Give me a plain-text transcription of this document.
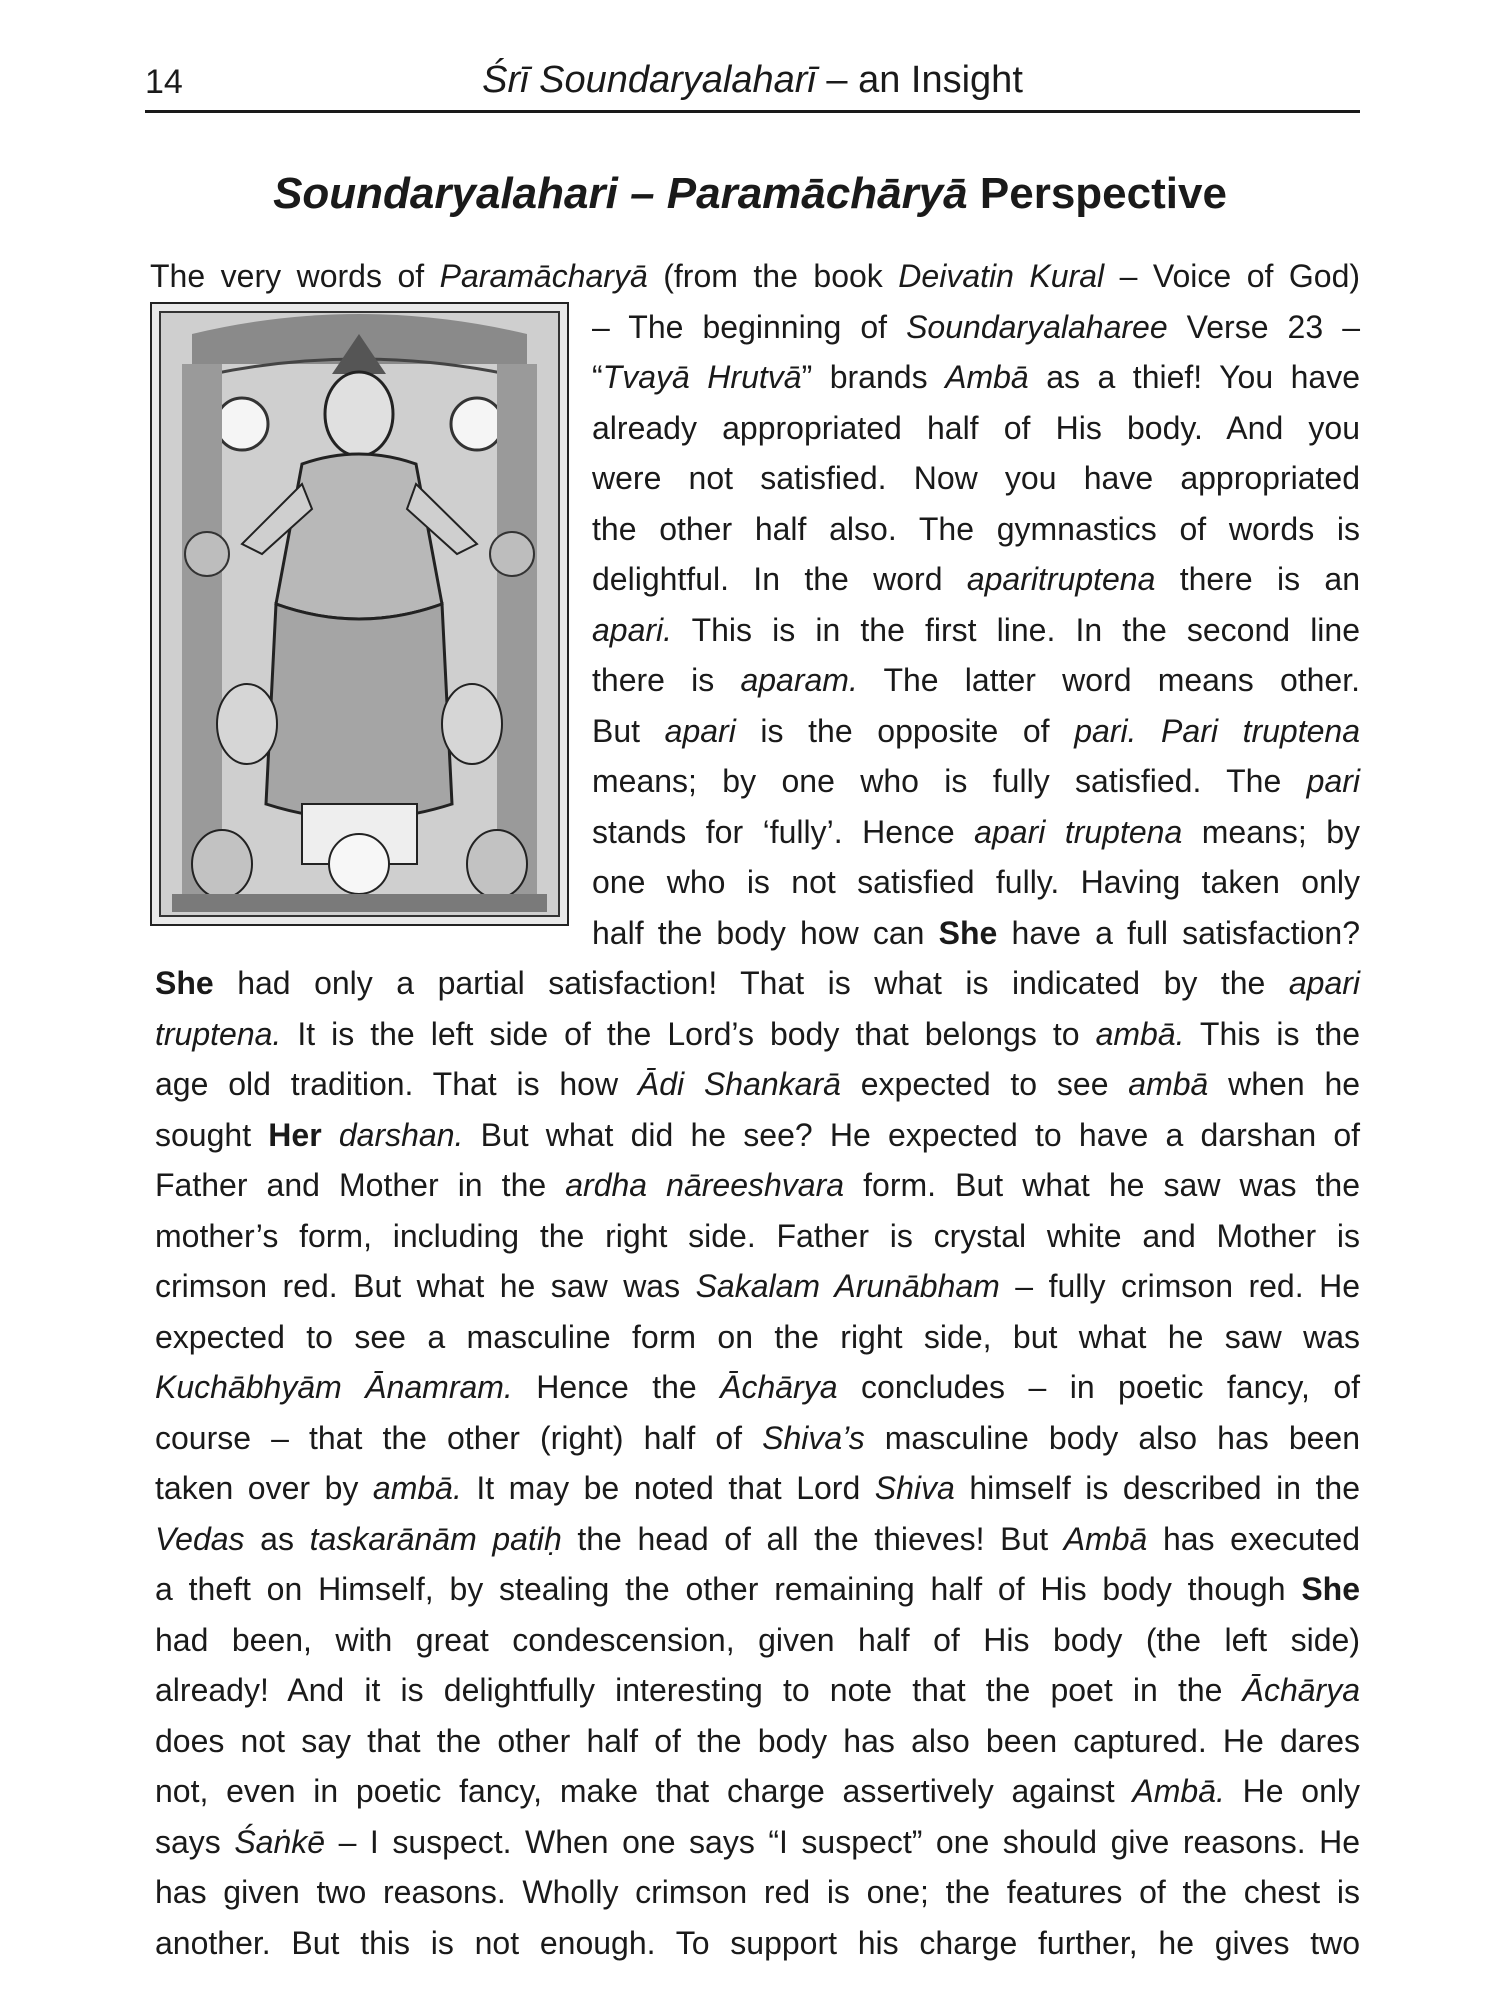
14	Śrī Soundaryalaharī – an Insight
Soundaryalahari – Paramāchāryā Perspective
The very words of Paramācharyā (from the book Deivatin Kural – Voice of God)
– The beginning of Soundaryalaharee Verse 23 –
“Tvayā Hrutvā” brands Ambā as a thief! You have
already appropriated half of His body. And you
were not satisfied. Now you have appropriated
the other half also. The gymnastics of words is
delightful. In the word aparitruptena there is an
apari. This is in the first line. In the second line
there is aparam. The latter word means other.
But apari is the opposite of pari. Pari truptena
means; by one who is fully satisfied. The pari
stands for ‘fully’. Hence apari truptena means; by
one who is not satisfied fully. Having taken only
half the body how can She have a full satisfaction?
She had only a partial satisfaction! That is what is indicated by the apari
truptena. It is the left side of the Lord’s body that belongs to ambā. This is the
age old tradition. That is how Ādi Shankarā expected to see ambā when he
sought Her darshan. But what did he see? He expected to have a darshan of
Father and Mother in the ardha nāreeshvara form. But what he saw was the
mother’s form, including the right side. Father is crystal white and Mother is
crimson red. But what he saw was Sakalam Arunābham – fully crimson red. He
expected to see a masculine form on the right side, but what he saw was
Kuchābhyām Ānamram. Hence the Āchārya concludes – in poetic fancy, of
course – that the other (right) half of Shiva’s masculine body also has been
taken over by ambā. It may be noted that Lord Shiva himself is described in the
Vedas as taskarānām patiḥ the head of all the thieves! But Ambā has executed
a theft on Himself, by stealing the other remaining half of His body though She
had been, with great condescension, given half of His body (the left side)
already! And it is delightfully interesting to note that the poet in the Āchārya
does not say that the other half of the body has also been captured. He dares
not, even in poetic fancy, make that charge assertively against Ambā. He only
says Śaṅkē – I suspect. When one says “I suspect” one should give reasons. He
has given two reasons. Wholly crimson red is one; the features of the chest is
another. But this is not enough. To support his charge further, he gives two
